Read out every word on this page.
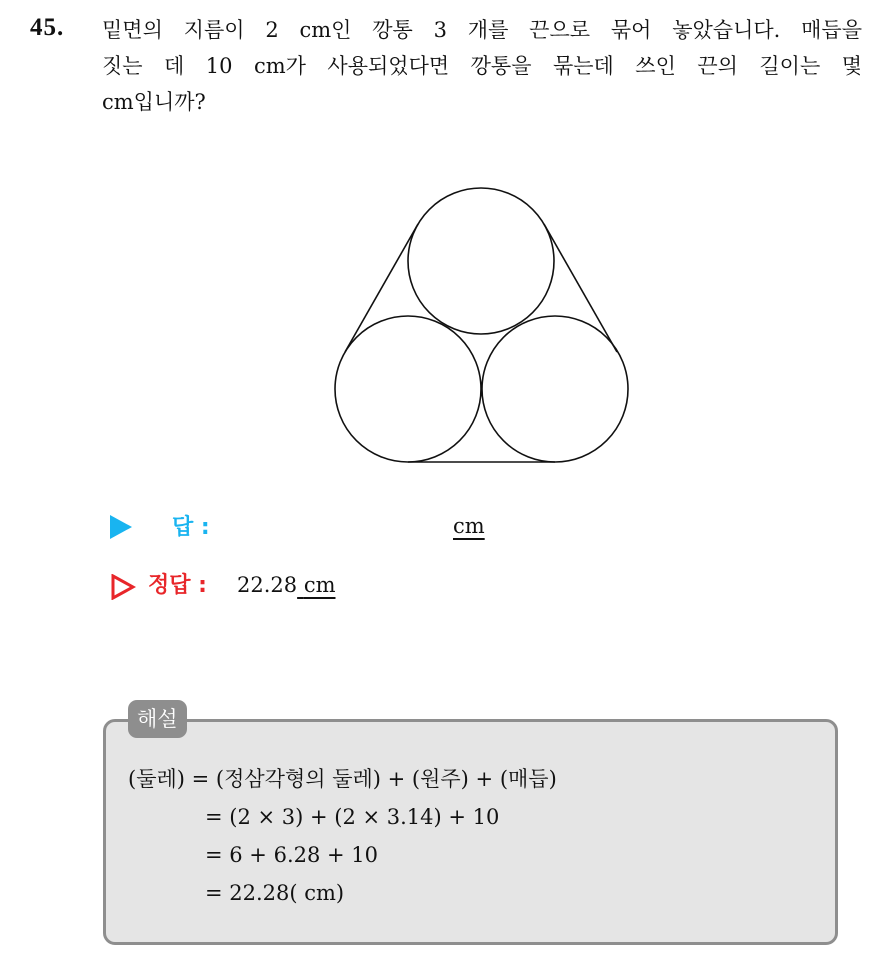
45. 밑면의 지름이 2 cm인 깡통 3 개를 끈으로 묶어 놓았습니다. 매듭을
짓는 데 10 cm가 사용되었다면 깡통을 묶는데 쓰인 끈의 길이는 몇
cm입니까?
답 :	cm
정답 : 22.28 cm
해설
(둘레) = (정삼각형의 둘레) + (원주) + (매듭)
= (2 × 3) + (2 × 3.14) + 10
= 6 + 6.28 + 10
= 22.28( cm)
